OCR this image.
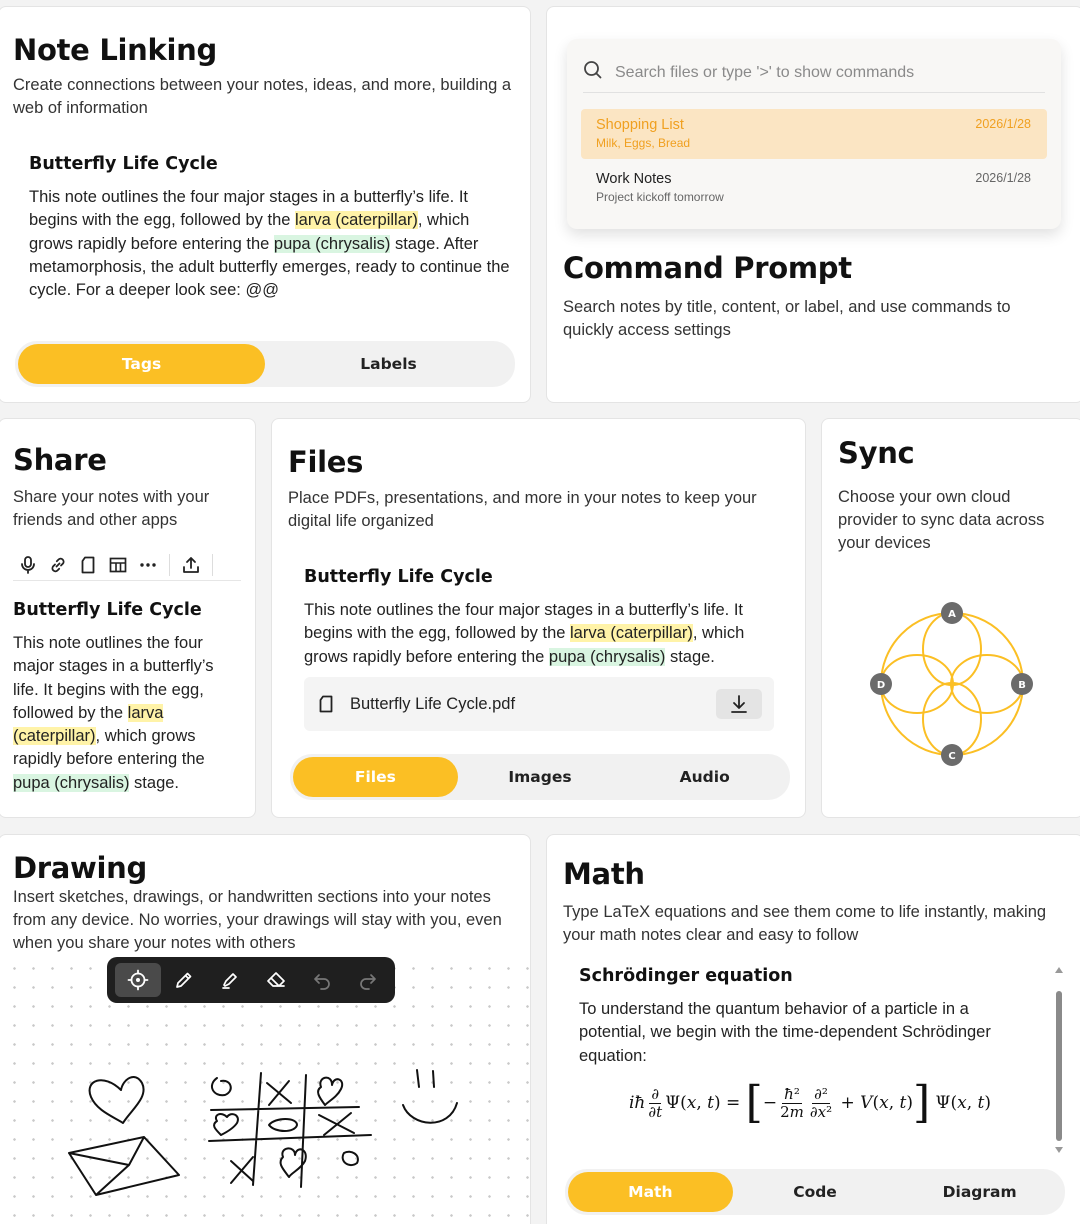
Note Linking
Create connections between your notes, ideas, and more, building a web of information
Butterfly Life Cycle
This note outlines the four major stages in a butterfly’s life. It begins with the egg, followed by the larva (caterpillar), which grows rapidly before entering the pupa (chrysalis) stage. After metamorphosis, the adult butterfly emerges, ready to continue the cycle. For a deeper look see: @@
Tags	Labels
Search files or type '>' to show commands
Shopping List
Milk, Eggs, Bread
2026/1/28
Work Notes
Project kickoff tomorrow
2026/1/28
Command Prompt
Search notes by title, content, or label, and use commands to quickly access settings
Share
Share your notes with your friends and other apps
Butterfly Life Cycle
This note outlines the four major stages in a butterfly’s life. It begins with the egg, followed by the larva (caterpillar), which grows rapidly before entering the pupa (chrysalis) stage.
Files
Place PDFs, presentations, and more in your notes to keep your digital life organized
Butterfly Life Cycle
This note outlines the four major stages in a butterfly’s life. It begins with the egg, followed by the larva (caterpillar), which grows rapidly before entering the pupa (chrysalis) stage.
Butterfly Life Cycle.pdf
Files	Images	Audio
Sync
Choose your own cloud provider to sync data across your devices
A
B
C
D
Drawing
Insert sketches, drawings, or handwritten sections into your notes from any device. No worries, your drawings will stay with you, even when you share your notes with others
Math
Type LaTeX equations and see them come to life instantly, making your math notes clear and easy to follow
Schrödinger equation
To understand the quantum behavior of a particle in a potential, we begin with the time-dependent Schrödinger equation:
iħ $\frac{\partial}{\partial t} \Psi(x$, t) = [ − $\frac{\text{ħ²}}{2m} \frac{\text{∂²}}{\text{∂x²}} + V(x$, t) ] Ψ(x, t)
Math	Code	Diagram
